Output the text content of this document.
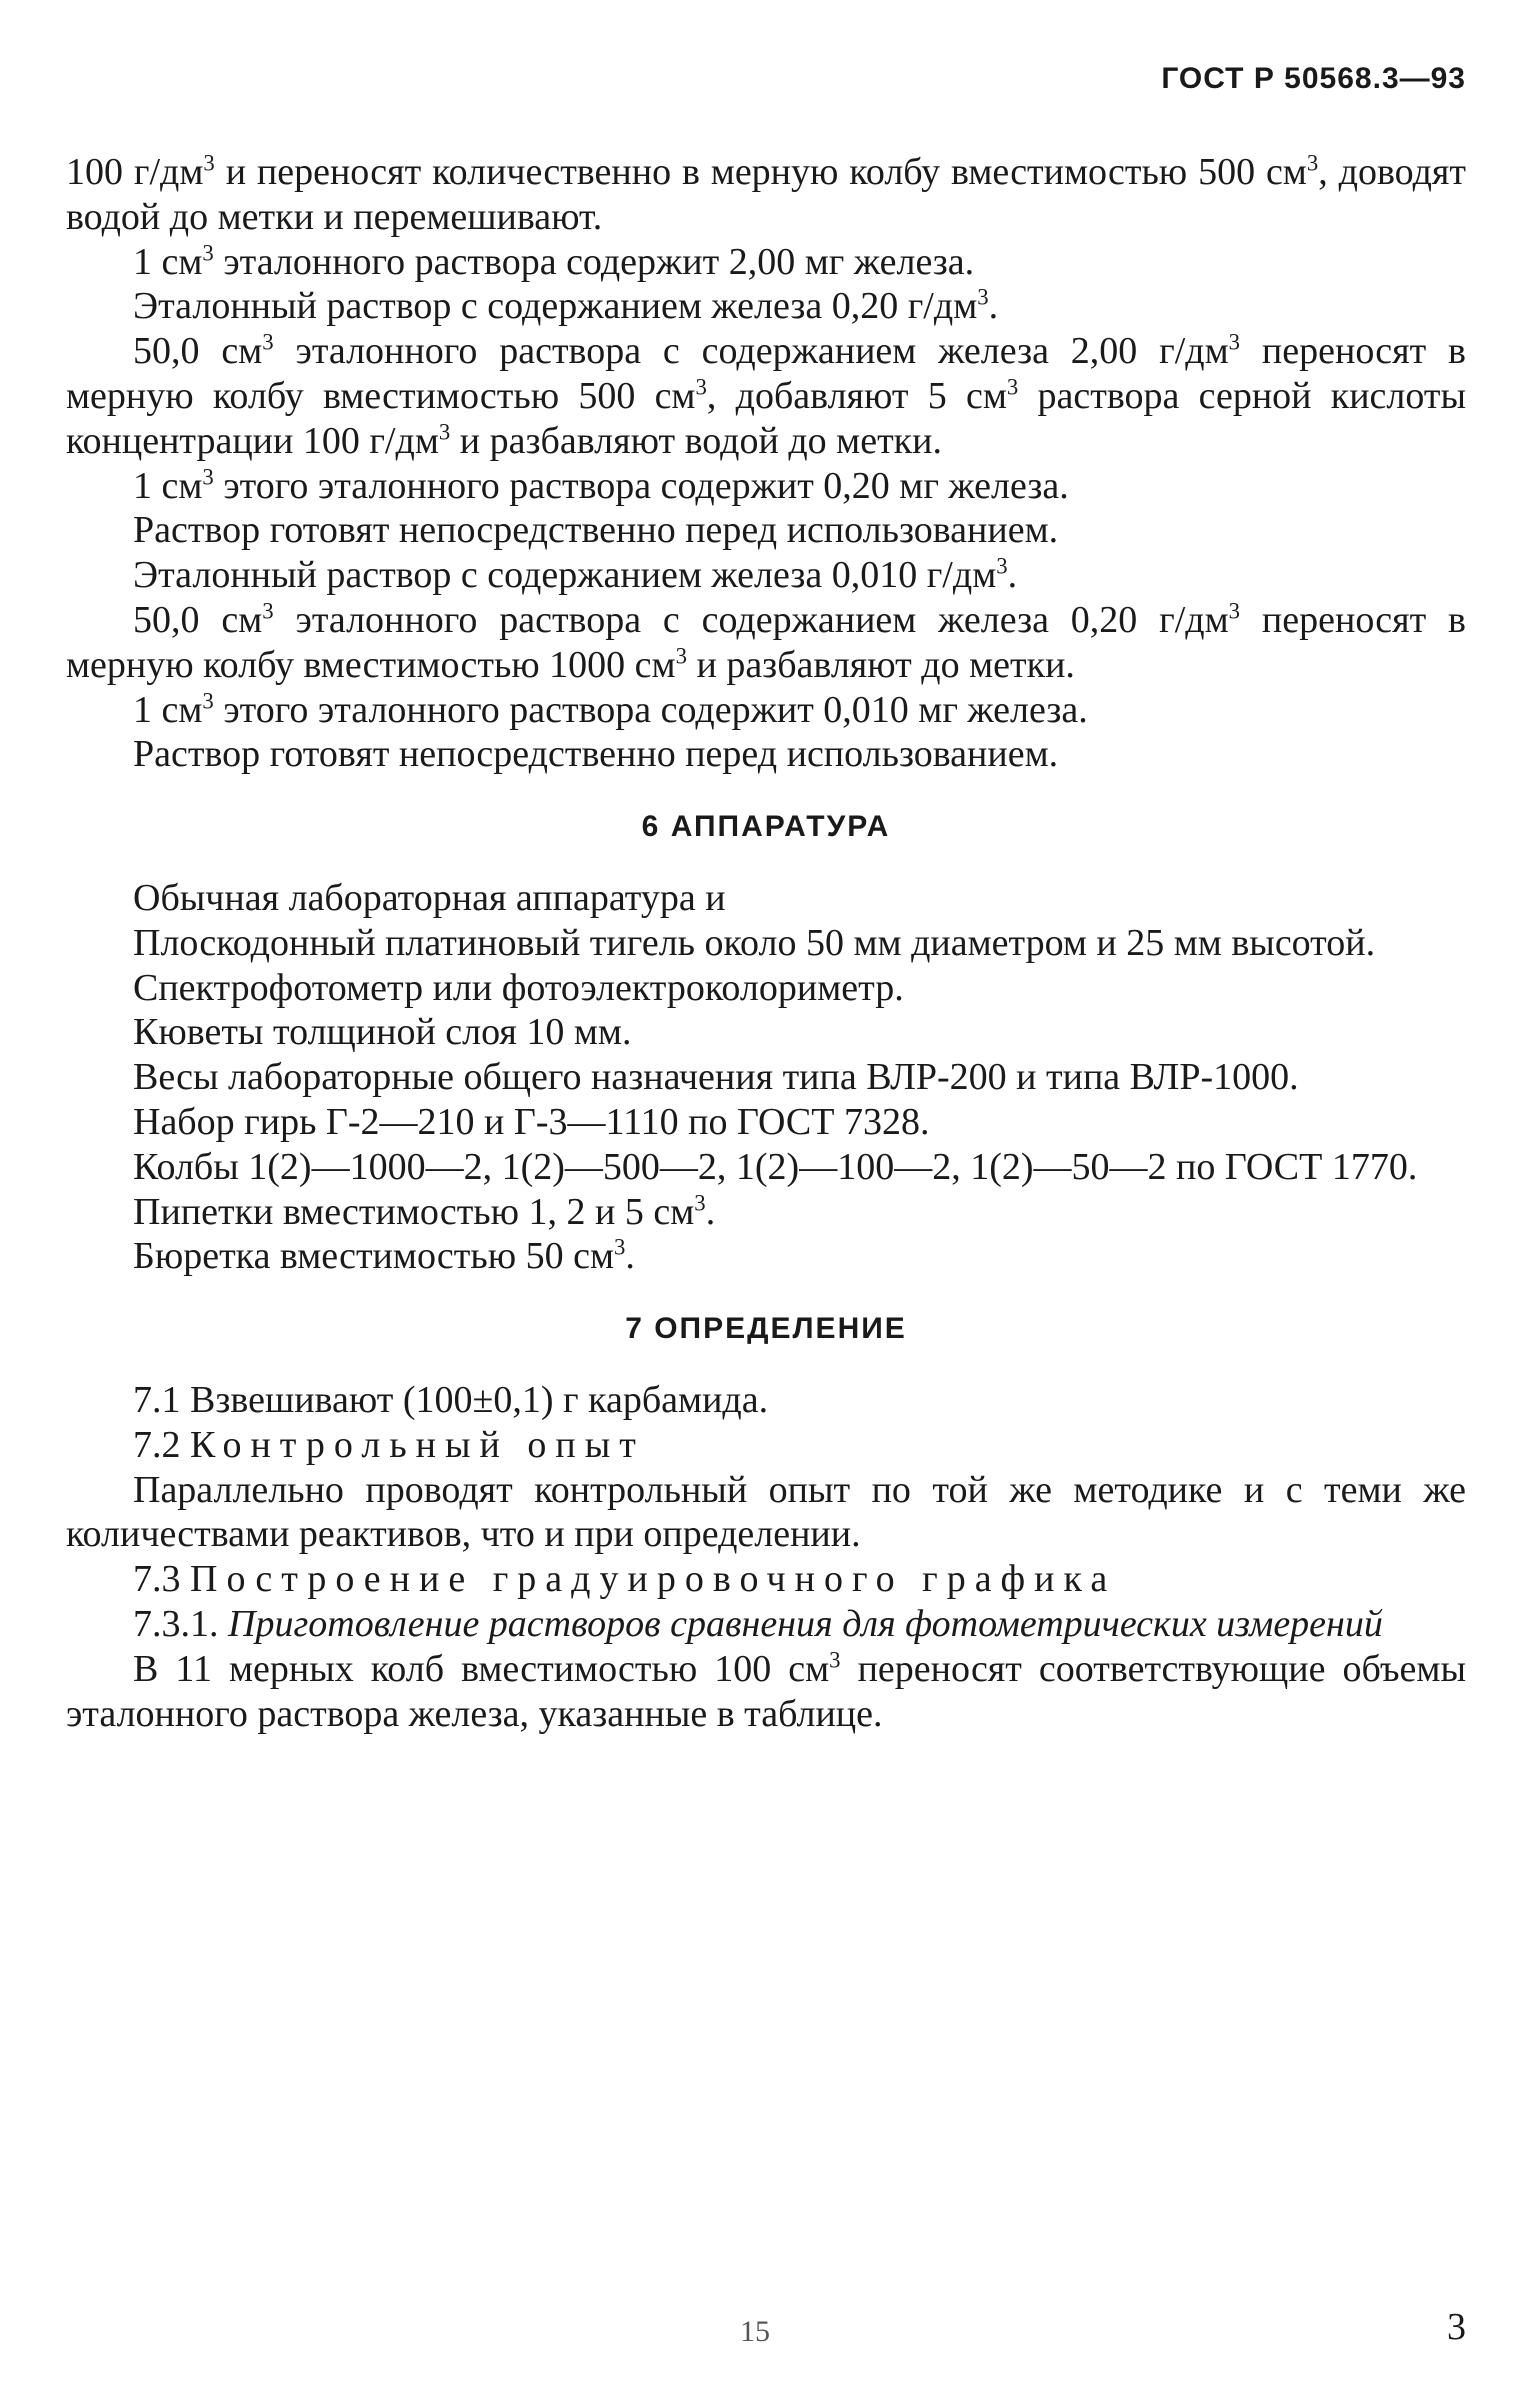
ГОСТ Р 50568.3—93

100 $г/дм^3$ и переносят количественно в мерную колбу вместимостью 500 $см^3$, доводят водой до метки и перемешивают.

1 $см^3$ эталонного раствора содержит 2,00 мг железа.

Эталонный раствор с содержанием железа 0,20 $г/дм^3$.

50,0 $см^3$ эталонного раствора с содержанием железа 2,00 $г/дм^3$ переносят в мерную колбу вместимостью 500 $см^3$, добавляют 5 $см^3$ раствора серной кислоты концентрации 100 $г/дм^3$ и разбавляют водой до метки.

1 $см^3$ этого эталонного раствора содержит 0,20 мг железа.

Раствор готовят непосредственно перед использованием.

Эталонный раствор с содержанием железа 0,010 $г/дм^3$.

50,0 $см^3$ эталонного раствора с содержанием железа 0,20 $г/дм^3$ переносят в мерную колбу вместимостью 1000 $см^3$ и разбавляют до метки.

1 $см^3$ этого эталонного раствора содержит 0,010 мг железа.

Раствор готовят непосредственно перед использованием.

6 АППАРАТУРА

Обычная лабораторная аппаратура и

Плоскодонный платиновый тигель около 50 мм диаметром и 25 мм высотой.

Спектрофотометр или фотоэлектроколориметр.

Кюветы толщиной слоя 10 мм.

Весы лабораторные общего назначения типа ВЛР-200 и типа ВЛР-1000.

Набор гирь Г-2—210 и Г-3—1110 по ГОСТ 7328.

Колбы 1(2)—1000—2, 1(2)—500—2, 1(2)—100—2, 1(2)—50—2 по ГОСТ 1770.

Пипетки вместимостью 1, 2 и 5 $см^3$.

Бюретка вместимостью 50 $см^3$.

7 ОПРЕДЕЛЕНИЕ

7.1 Взвешивают (100±0,1) г карбамида.

7.2 Контрольный опыт

Параллельно проводят контрольный опыт по той же методике и с теми же количествами реактивов, что и при определении.

7.3 Построение градуировочного графика

7.3.1. Приготовление растворов сравнения для фотометрических измерений

В 11 мерных колб вместимостью 100 $см^3$ переносят соответствующие объемы эталонного раствора железа, указанные в таблице.

15	3
